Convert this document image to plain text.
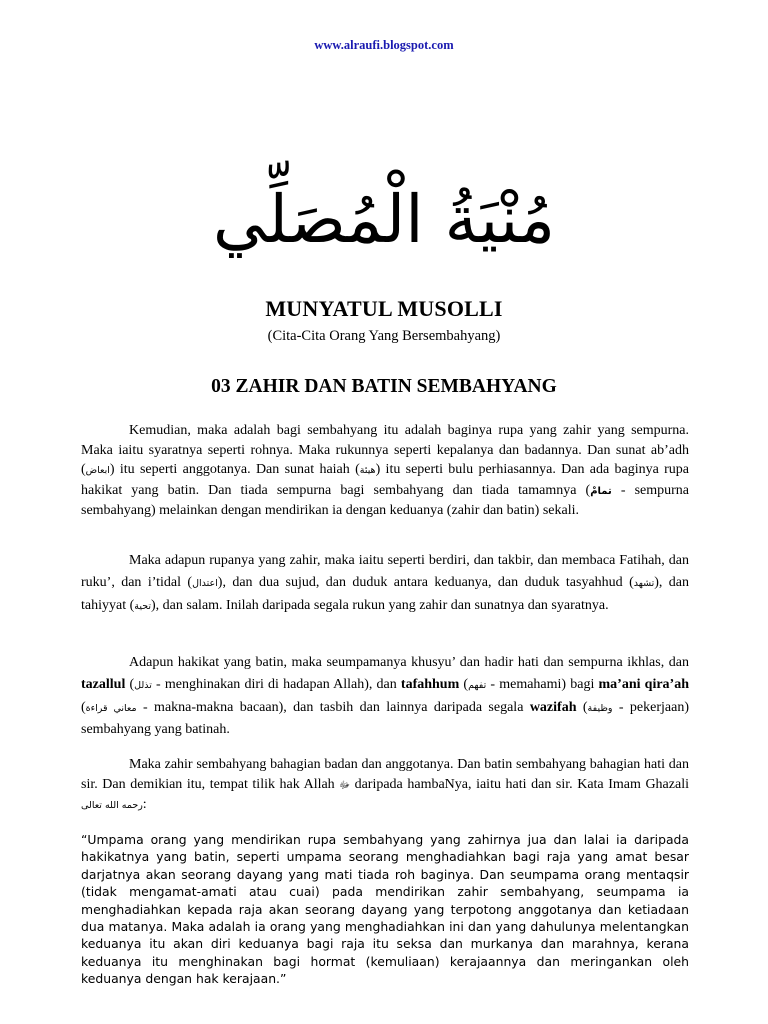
www.alraufi.blogspot.com
مُنْيَةُ الْمُصَلِّي
MUNYATUL MUSOLLI
(Cita-Cita Orang Yang Bersembahyang)
03 ZAHIR DAN BATIN SEMBAHYANG

Kemudian, maka adalah bagi sembahyang itu adalah baginya rupa yang zahir yang sempurna. Maka iaitu syaratnya seperti rohnya. Maka rukunnya seperti kepalanya dan badannya. Dan sunat ab’adh (ابعاض) itu seperti anggotanya. Dan sunat haiah (هيئة) itu seperti bulu perhiasannya. Dan ada baginya rupa hakikat yang batin. Dan tiada sempurna bagi sembahyang dan tiada tamamnya (تمامْ - sempurna sembahyang) melainkan dengan mendirikan ia dengan keduanya (zahir dan batin) sekali.

Maka adapun rupanya yang zahir, maka iaitu seperti berdiri, dan takbir, dan membaca Fatihah, dan ruku’, dan i’tidal (اعتدال), dan dua sujud, dan duduk antara keduanya, dan duduk tasyahhud (تشهد), dan tahiyyat (تحية), dan salam. Inilah daripada segala rukun yang zahir dan sunatnya dan syaratnya.

Adapun hakikat yang batin, maka seumpamanya khusyu’ dan hadir hati dan sempurna ikhlas, dan tazallul (تذلل - menghinakan diri di hadapan Allah), dan tafahhum (تفهم - memahami) bagi ma’ani qira’ah (معاني قراءة - makna-makna bacaan), dan tasbih dan lainnya daripada segala wazifah (وظيفة - pekerjaan) sembahyang yang batinah.

Maka zahir sembahyang bahagian badan dan anggotanya. Dan batin sembahyang bahagian hati dan sir. Dan demikian itu, tempat tilik hak Allah ﷻ daripada hambaNya, iaitu hati dan sir. Kata Imam Ghazali رحمه الله تعالى:

“Umpama orang yang mendirikan rupa sembahyang yang zahirnya jua dan lalai ia daripada hakikatnya yang batin, seperti umpama seorang menghadiahkan bagi raja yang amat besar darjatnya akan seorang dayang yang mati tiada roh baginya. Dan seumpama orang mentaqsir (tidak mengamat-amati atau cuai) pada mendirikan zahir sembahyang, seumpama ia menghadiahkan kepada raja akan seorang dayang yang terpotong anggotanya dan ketiadaan dua matanya. Maka adalah ia orang yang menghadiahkan ini dan yang dahulunya melentangkan keduanya itu akan diri keduanya bagi raja itu seksa dan murkanya dan marahnya, kerana keduanya itu menghinakan bagi hormat (kemuliaan) kerajaannya dan meringankan oleh keduanya dengan hak kerajaan.”
